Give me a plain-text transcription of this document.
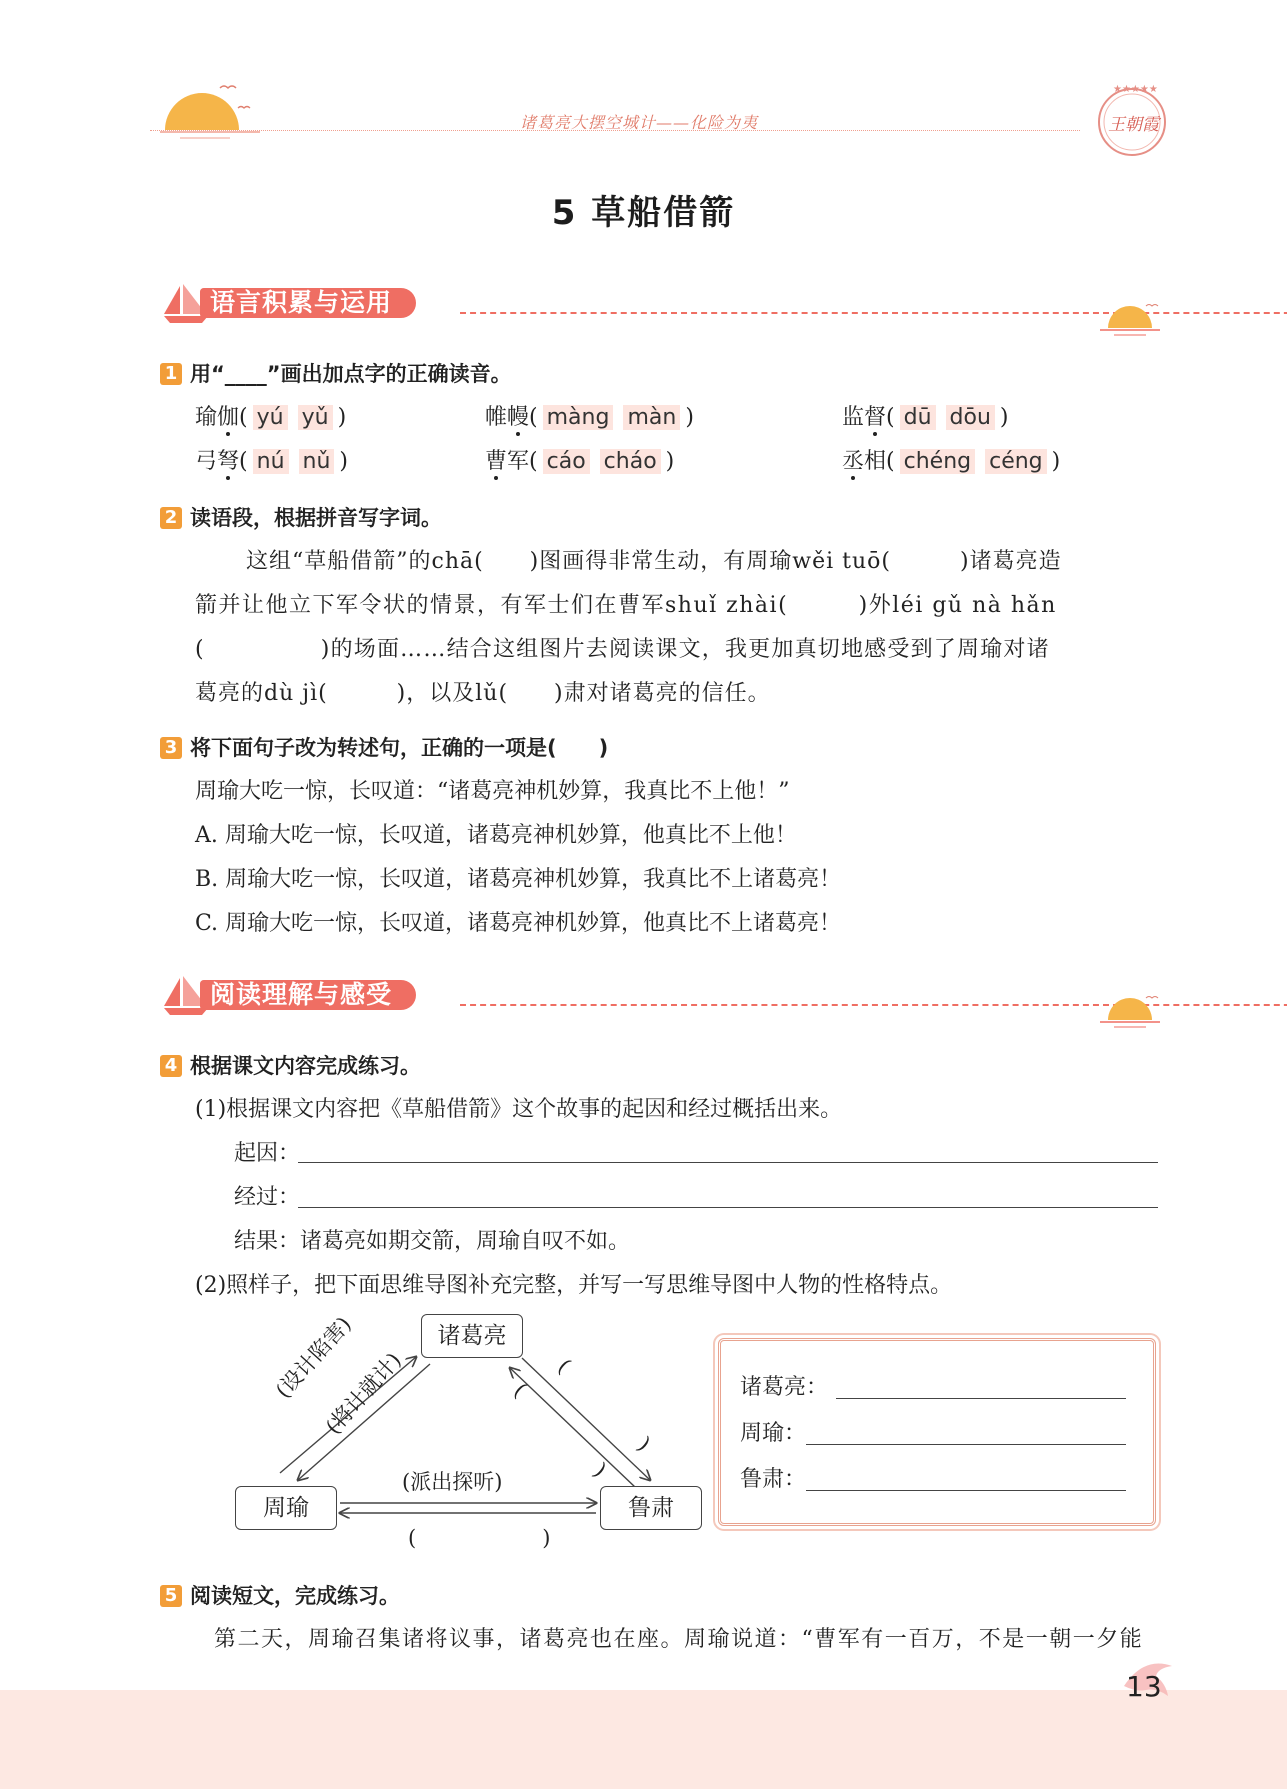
诸葛亮大摆空城计——化险为夷
★★★★★
王朝霞
5 草船借箭
语言积累与运用
1 用“____”画出加点字的正确读音。
瑜伽( yú yǔ )	帷幔( màng màn )	监督( dū dōu )
弓弩( nú nǔ )	曹军( cáo cháo )	丞相( chéng céng )
2 读语段，根据拼音写字词。
这组“草船借箭”的chā(　　)图画得非常生动，有周瑜wěi tuō(　　　)诸葛亮造
箭并让他立下军令状的情景，有军士们在曹军shuǐ zhài(　　　)外léi gǔ nà hǎn
(　　　　　)的场面……结合这组图片去阅读课文，我更加真切地感受到了周瑜对诸
葛亮的dù jì(　　　)，以及lǔ(　　)肃对诸葛亮的信任。
3 将下面句子改为转述句，正确的一项是(　　)
周瑜大吃一惊，长叹道：“诸葛亮神机妙算，我真比不上他！”
A. 周瑜大吃一惊，长叹道，诸葛亮神机妙算，他真比不上他！
B. 周瑜大吃一惊，长叹道，诸葛亮神机妙算，我真比不上诸葛亮！
C. 周瑜大吃一惊，长叹道，诸葛亮神机妙算，他真比不上诸葛亮！
阅读理解与感受
4 根据课文内容完成练习。
(1)根据课文内容把《草船借箭》这个故事的起因和经过概括出来。
起因：
经过：
结果：诸葛亮如期交箭，周瑜自叹不如。
(2)照样子，把下面思维导图补充完整，并写一写思维导图中人物的性格特点。
诸葛亮
周瑜	鲁肃
(设计陷害)
(将计就计)
(派出探听)
(　　　　　　)
(
(
)
)
诸葛亮：
周瑜：
鲁肃：
5 阅读短文，完成练习。
第二天，周瑜召集诸将议事，诸葛亮也在座。周瑜说道：“曹军有一百万，不是一朝一夕能
13
